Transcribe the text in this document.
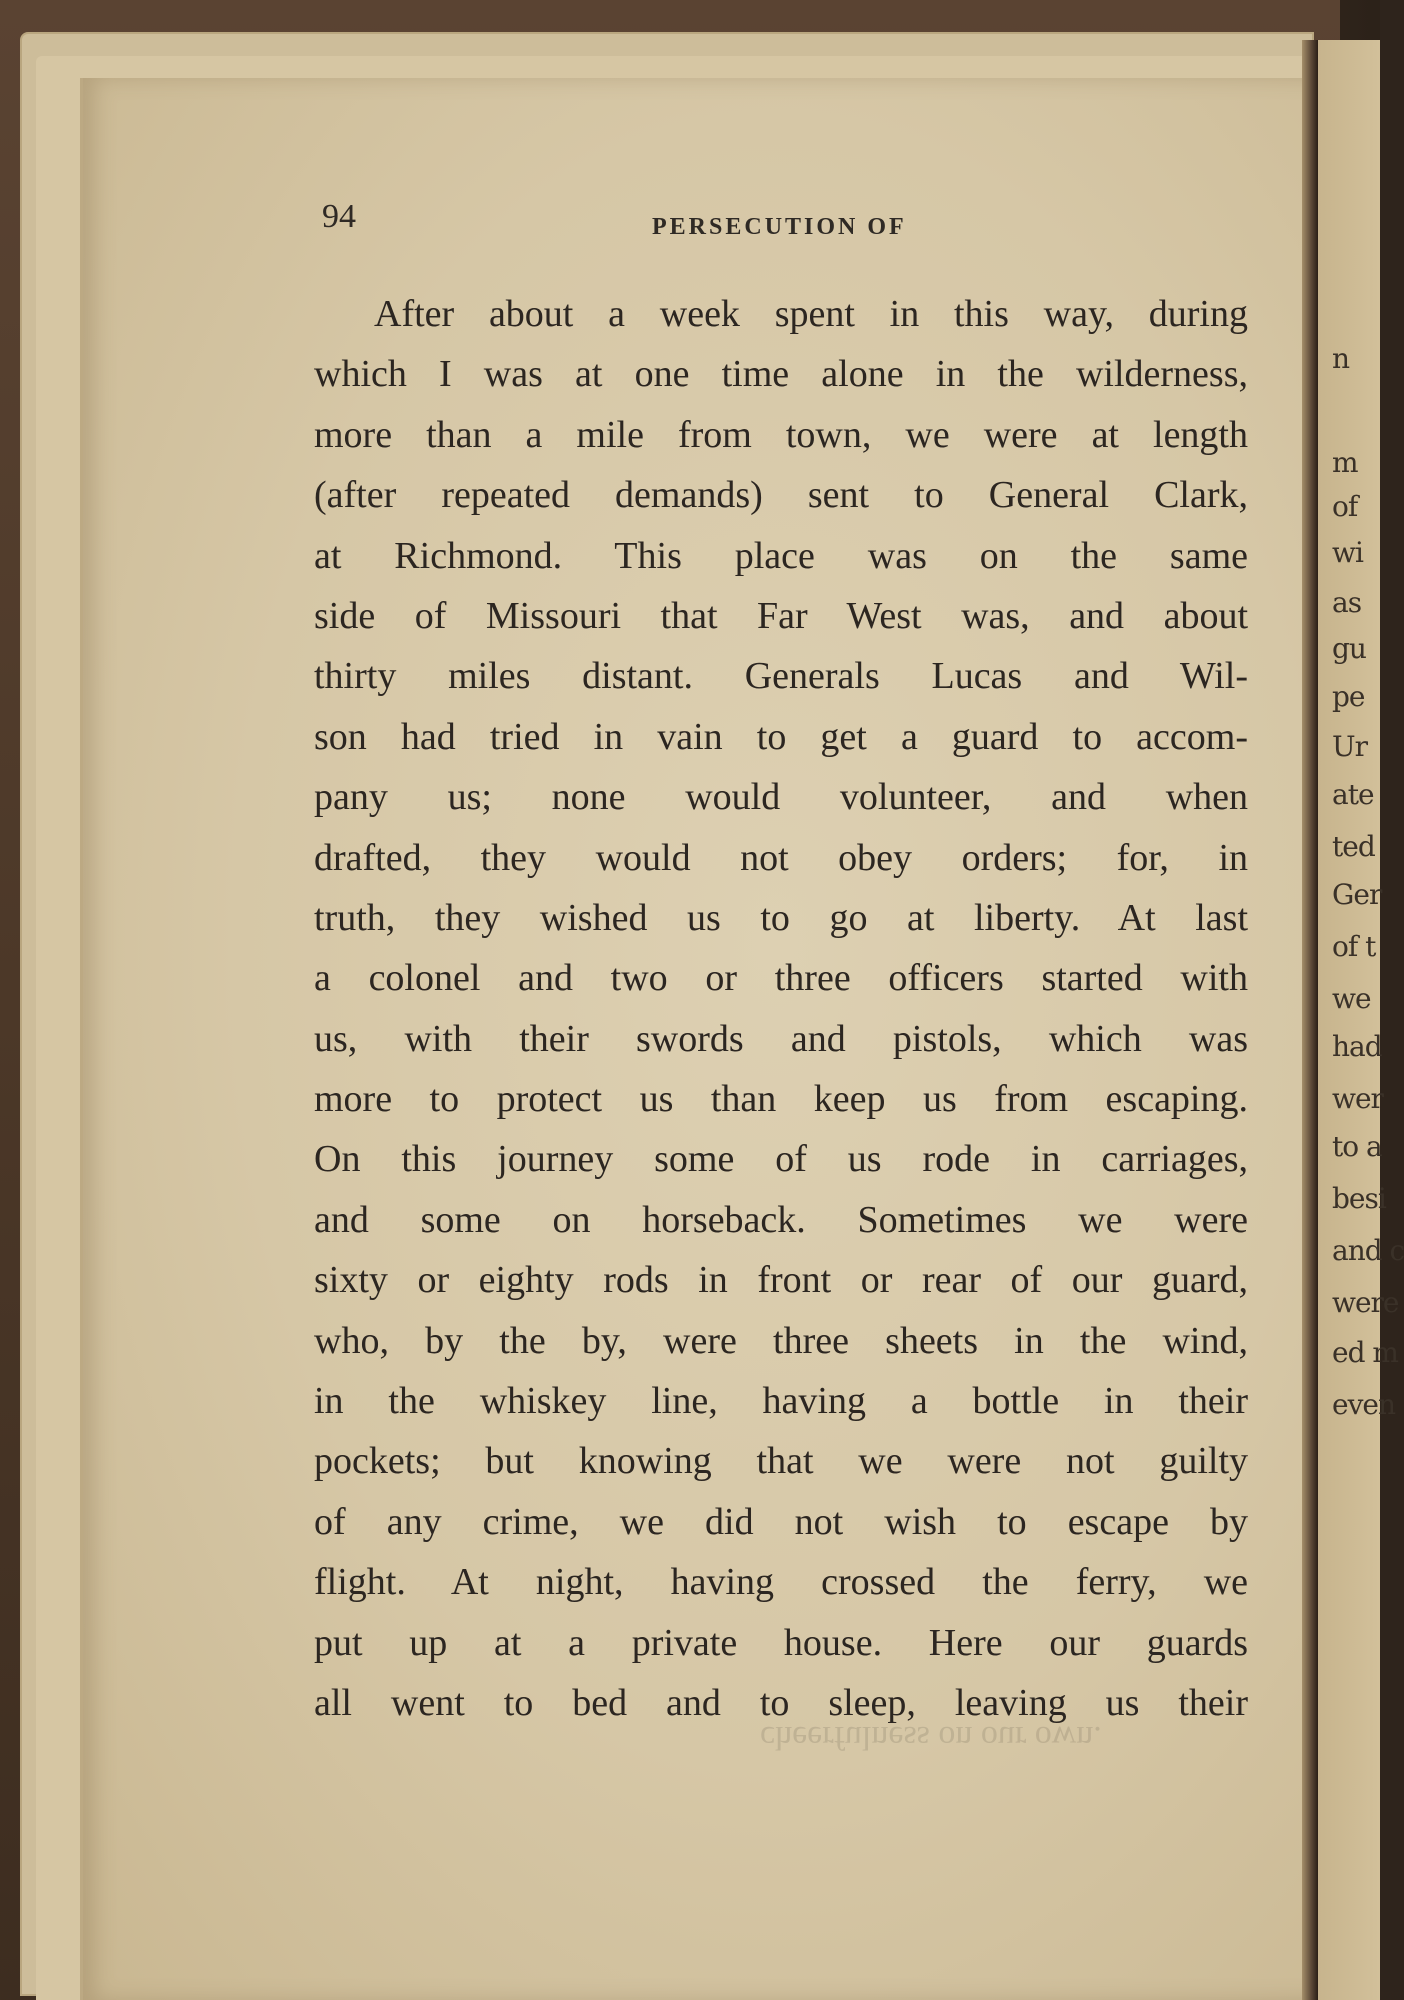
n
m
of
wi
as
gu
pe
Ur
ate
ted
Ger
of t
we
had
wer
to a
besi
and c
were
ed m
even
94	PERSECUTION OF
After about a week spent in this way, during
which I was at one time alone in the wilderness,
more than a mile from town, we were at length
(after repeated demands) sent to General Clark,
at Richmond. This place was on the same
side of Missouri that Far West was, and about
thirty miles distant. Generals Lucas and Wil-
son had tried in vain to get a guard to accom-
pany us; none would volunteer, and when
drafted, they would not obey orders; for, in
truth, they wished us to go at liberty. At last
a colonel and two or three officers started with
us, with their swords and pistols, which was
more to protect us than keep us from escaping.
On this journey some of us rode in carriages,
and some on horseback. Sometimes we were
sixty or eighty rods in front or rear of our guard,
who, by the by, were three sheets in the wind,
in the whiskey line, having a bottle in their
pockets; but knowing that we were not guilty
of any crime, we did not wish to escape by
flight. At night, having crossed the ferry, we
put up at a private house. Here our guards
all went to bed and to sleep, leaving us their
cheerfulness on our own.
